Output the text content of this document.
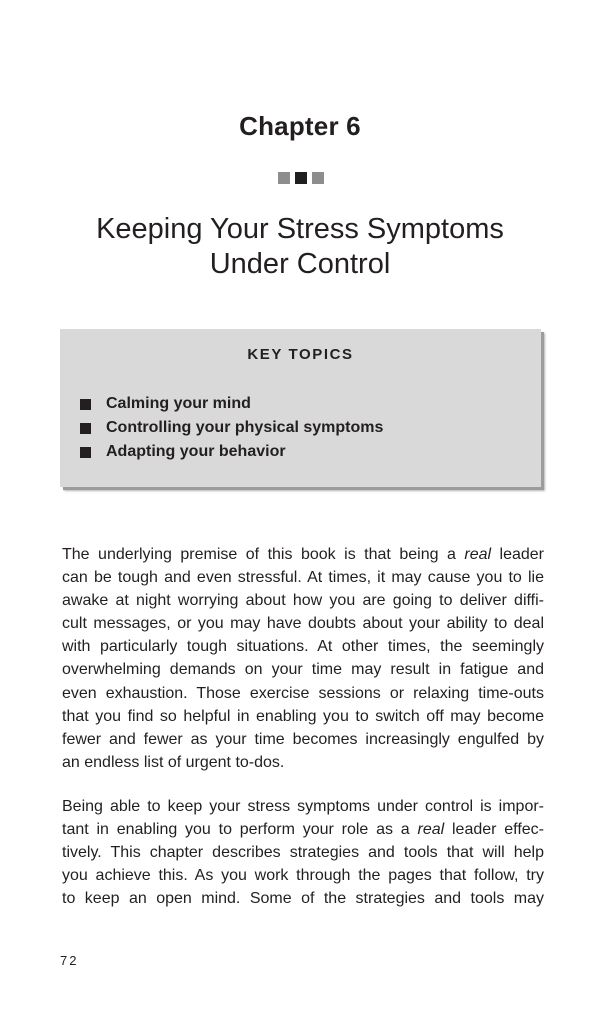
Chapter 6
Keeping Your Stress Symptoms
Under Control
KEY TOPICS
Calming your mind
Controlling your physical symptoms
Adapting your behavior
The underlying premise of this book is that being a real leader
can be tough and even stressful. At times, it may cause you to lie
awake at night worrying about how you are going to deliver diffi-
cult messages, or you may have doubts about your ability to deal
with particularly tough situations. At other times, the seemingly
overwhelming demands on your time may result in fatigue and
even exhaustion. Those exercise sessions or relaxing time-outs
that you find so helpful in enabling you to switch off may become
fewer and fewer as your time becomes increasingly engulfed by
an endless list of urgent to-dos.
Being able to keep your stress symptoms under control is impor-
tant in enabling you to perform your role as a real leader effec-
tively. This chapter describes strategies and tools that will help
you achieve this. As you work through the pages that follow, try
to keep an open mind. Some of the strategies and tools may
72
